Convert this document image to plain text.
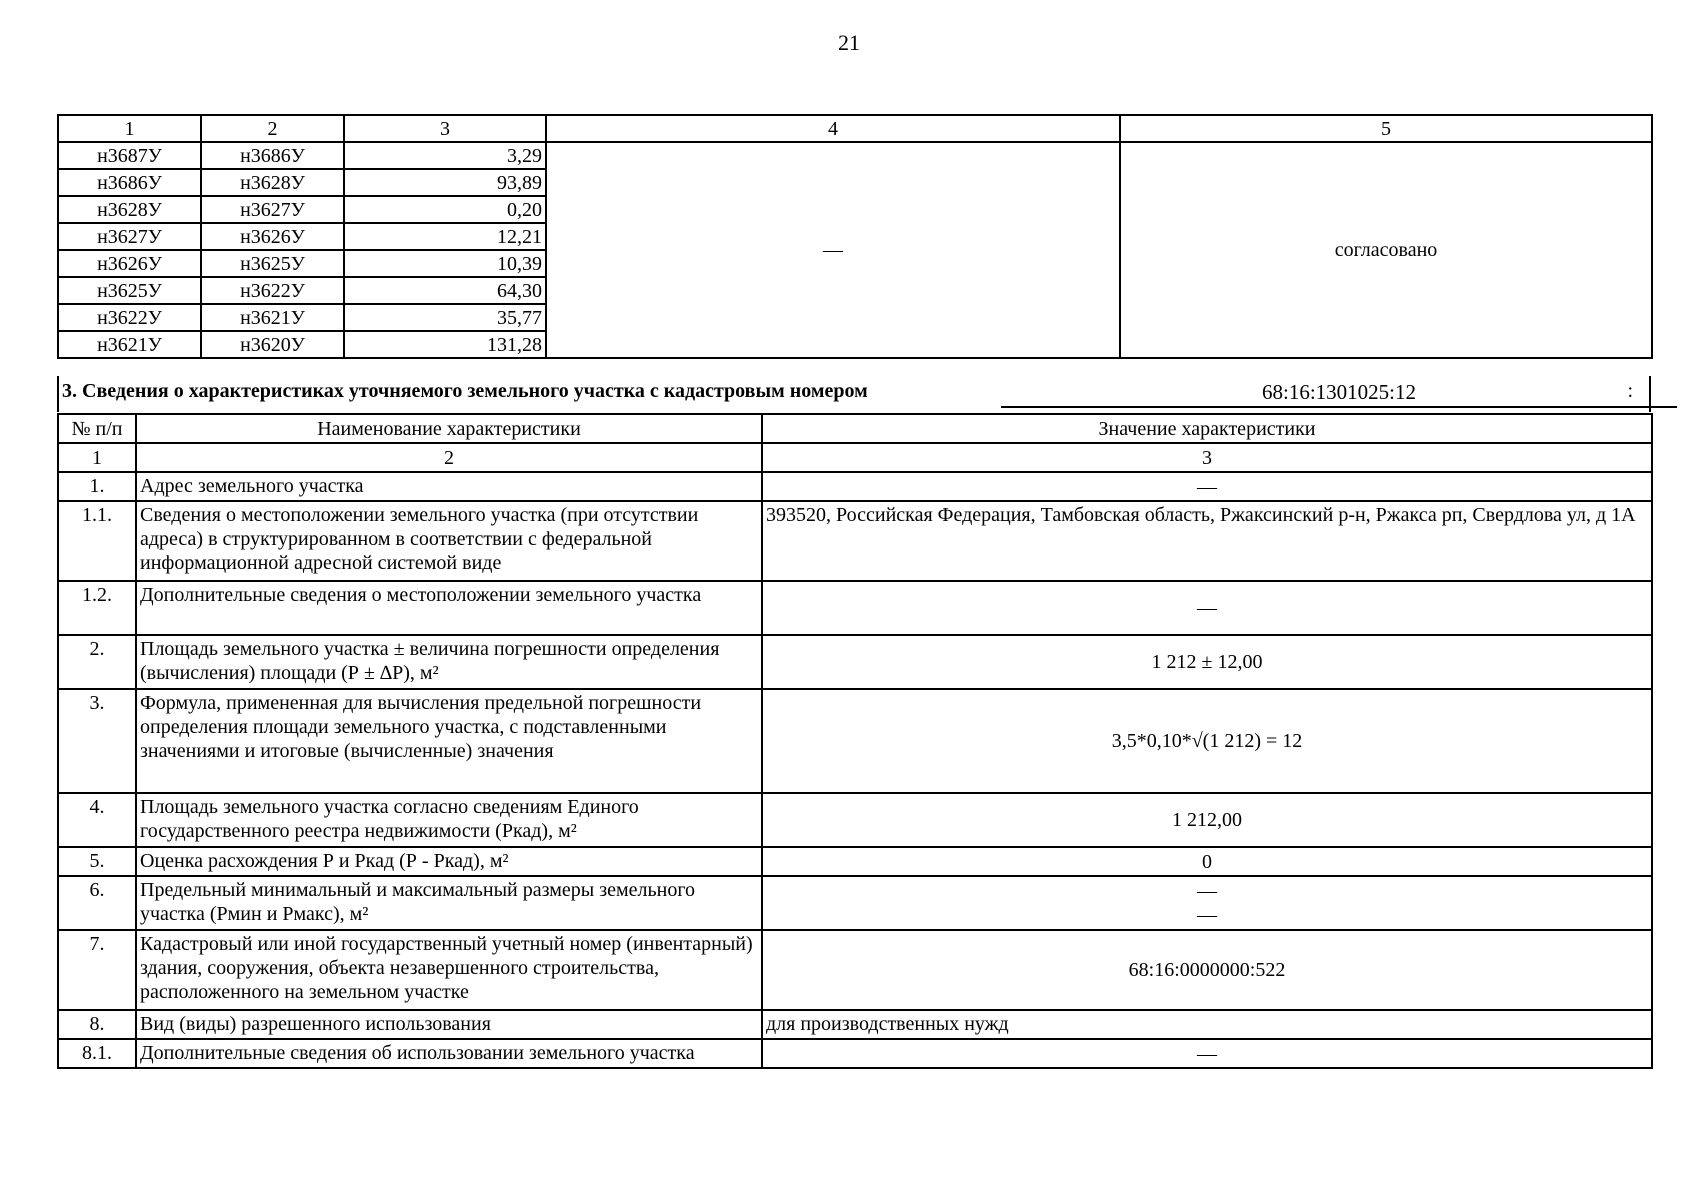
21
1	2	3	4	5
н3687У	н3686У	3,29	—	согласовано
н3686У	н3628У	93,89		
н3628У	н3627У	0,20		
н3627У	н3626У	12,21		
н3626У	н3625У	10,39		
н3625У	н3622У	64,30		
н3622У	н3621У	35,77		
н3621У	н3620У	131,28		
3. Сведения о характеристиках уточняемого земельного участка с кадастровым номером	68:16:1301025:12	:
№ п/п	Наименование характеристики	Значение характеристики
1	2	3
1.	Адрес земельного участка	—
1.1.	Сведения о местоположении земельного участка (при отсутствии адреса) в структурированном в соответствии с федеральной информационной адресной системой виде	393520, Российская Федерация, Тамбовская область, Ржаксинский р-н, Ржакса рп, Свердлова ул, д 1А
1.2.	Дополнительные сведения о местоположении земельного участка	—
2.	Площадь земельного участка ± величина погрешности определения (вычисления) площади (Р ± ∆Р), м²	1 212 ± 12,00
3.	Формула, примененная для вычисления предельной погрешности определения площади земельного участка, с подставленными значениями и итоговые (вычисленные) значения	3,5*0,10*√(1 212) = 12
4.	Площадь земельного участка согласно сведениям Единого государственного реестра недвижимости (Ркад), м²	1 212,00
5.	Оценка расхождения Р и Ркад (Р - Ркад), м²	0
6.	Предельный минимальный и максимальный размеры земельного участка (Рмин и Рмакс), м²	—
—

7.	Кадастровый или иной государственный учетный номер (инвентарный) здания, сооружения, объекта незавершенного строительства, расположенного на земельном участке	68:16:0000000:522
8.	Вид (виды) разрешенного использования	для производственных нужд
8.1.	Дополнительные сведения об использовании земельного участка	—
